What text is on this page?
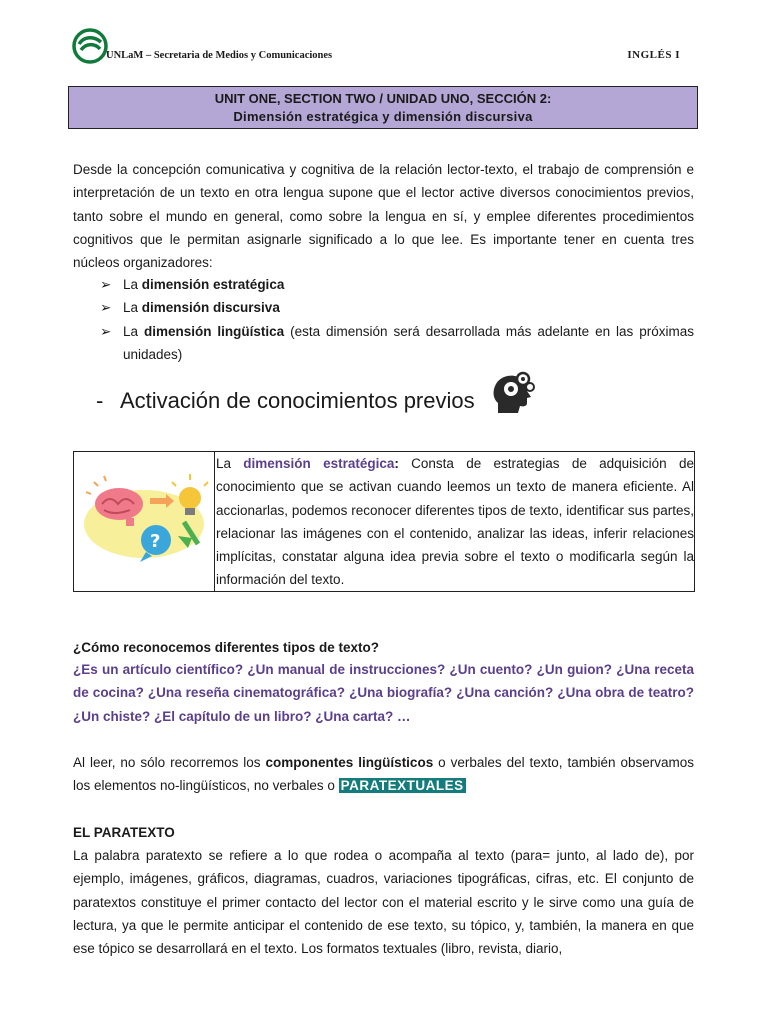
UNLaM – Secretaria de Medios y Comunicaciones	INGLÉS I
UNIT ONE, SECTION TWO / UNIDAD UNO, SECCIÓN 2:
Dimensión estratégica y dimensión discursiva
Desde la concepción comunicativa y cognitiva de la relación lector-texto, el trabajo de comprensión e interpretación de un texto en otra lengua supone que el lector active diversos conocimientos previos, tanto sobre el mundo en general, como sobre la lengua en sí, y emplee diferentes procedimientos cognitivos que le permitan asignarle significado a lo que lee. Es importante tener en cuenta tres núcleos organizadores:
➢ La dimensión estratégica
➢ La dimensión discursiva
➢ La dimensión lingüística (esta dimensión será desarrollada más adelante en las próximas unidades)
- Activación de conocimientos previos
?
La dimensión estratégica: Consta de estrategias de adquisición de conocimiento que se activan cuando leemos un texto de manera eficiente. Al accionarlas, podemos reconocer diferentes tipos de texto, identificar sus partes, relacionar las imágenes con el contenido, analizar las ideas, inferir relaciones implícitas, constatar alguna idea previa sobre el texto o modificarla según la información del texto.
¿Cómo reconocemos diferentes tipos de texto?
¿Es un artículo científico? ¿Un manual de instrucciones? ¿Un cuento? ¿Un guion? ¿Una receta de cocina? ¿Una reseña cinematográfica? ¿Una biografía? ¿Una canción? ¿Una obra de teatro? ¿Un chiste? ¿El capítulo de un libro? ¿Una carta? …
Al leer, no sólo recorremos los componentes lingüísticos o verbales del texto, también observamos los elementos no-lingüísticos, no verbales o PARATEXTUALES
EL PARATEXTO
La palabra paratexto se refiere a lo que rodea o acompaña al texto (para= junto, al lado de), por ejemplo, imágenes, gráficos, diagramas, cuadros, variaciones tipográficas, cifras, etc. El conjunto de paratextos constituye el primer contacto del lector con el material escrito y le sirve como una guía de lectura, ya que le permite anticipar el contenido de ese texto, su tópico, y, también, la manera en que ese tópico se desarrollará en el texto. Los formatos textuales (libro, revista, diario,
